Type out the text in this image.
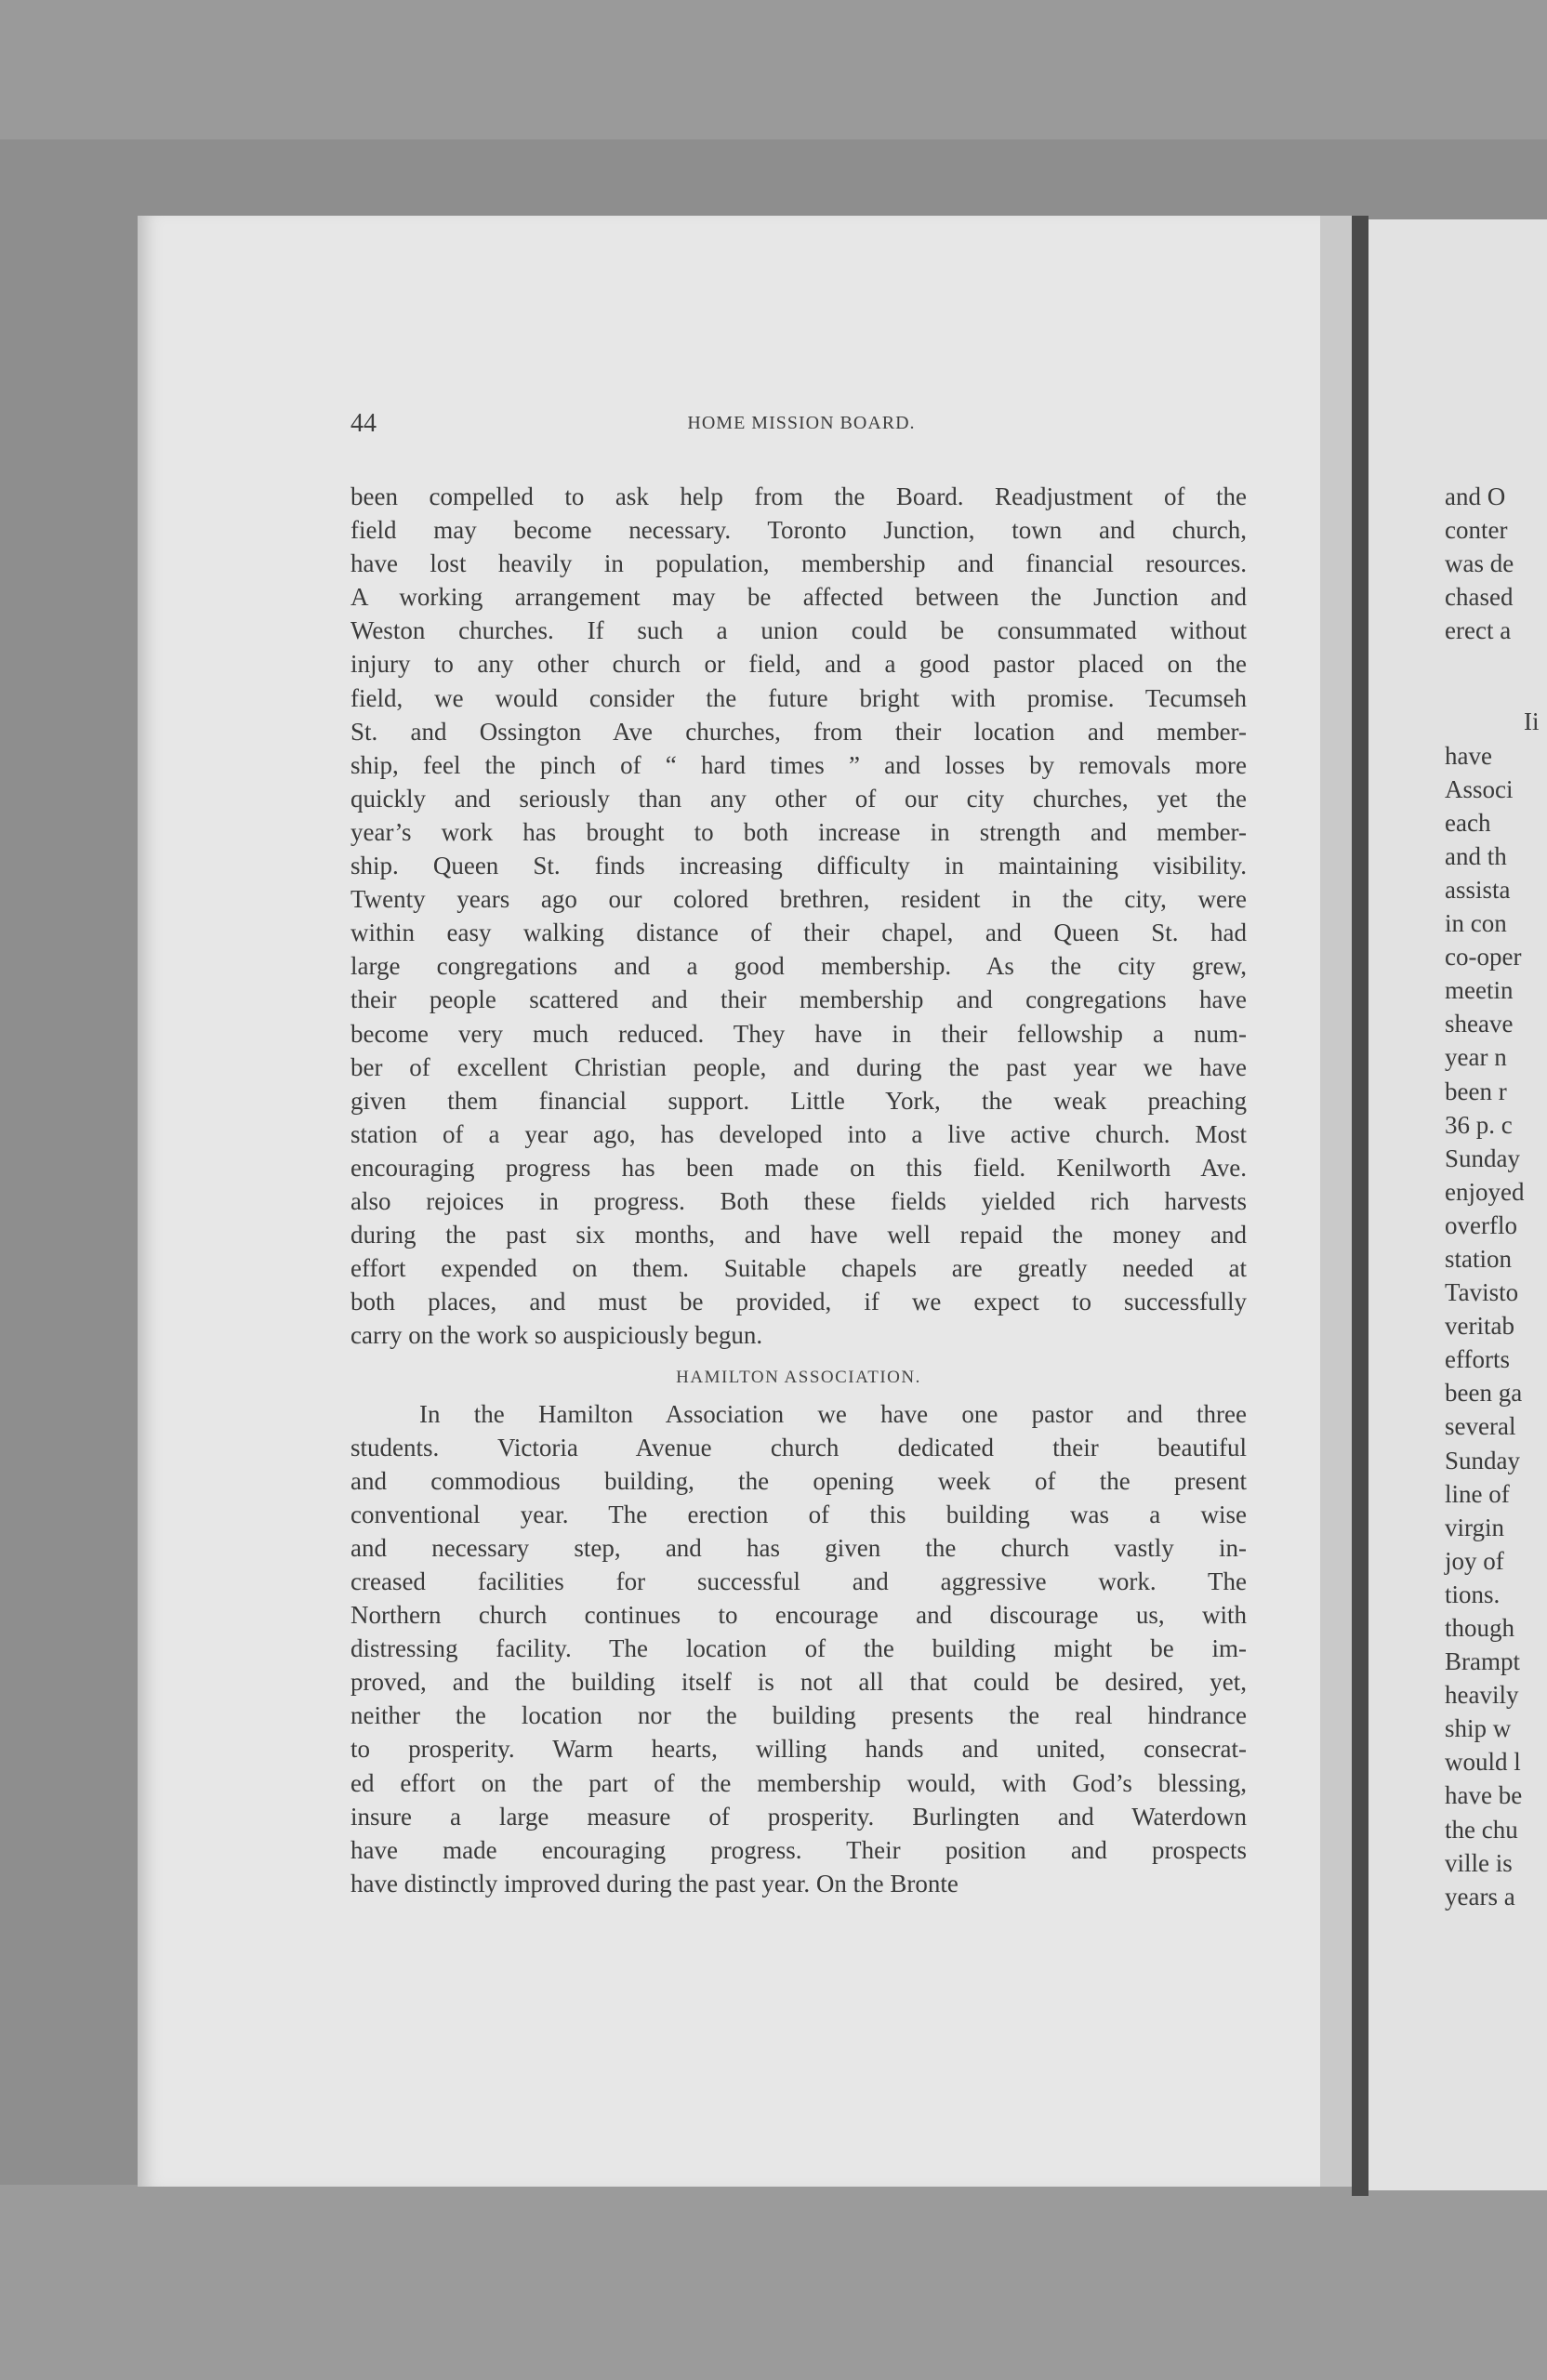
and O
conter
was de
chased
erect a
Ii
have
Associ
each
and th
assista
in con
co-oper
meetin
sheave
year n
been r
36 p. c
Sunday
enjoyed
overflo
station
Tavisto
veritab
efforts
been ga
several
Sunday
line of
virgin
joy of
tions.
though
Brampt
heavily
ship w
would l
have be
the chu
ville is
years a
44	HOME MISSION BOARD.

been compelled to ask help from the Board. Readjustment of the

field may become necessary. Toronto Junction, town and church,

have lost heavily in population, membership and financial resources.

A working arrangement may be affected between the Junction and

Weston churches. If such a union could be consummated without

injury to any other church or field, and a good pastor placed on the

field, we would consider the future bright with promise. Tecumseh

St. and Ossington Ave churches, from their location and member-

ship, feel the pinch of “ hard times ” and losses by removals more

quickly and seriously than any other of our city churches, yet the

year’s work has brought to both increase in strength and member-

ship. Queen St. finds increasing difficulty in maintaining visibility.

Twenty years ago our colored brethren, resident in the city, were

within easy walking distance of their chapel, and Queen St. had

large congregations and a good membership. As the city grew,

their people scattered and their membership and congregations have

become very much reduced. They have in their fellowship a num-

ber of excellent Christian people, and during the past year we have

given them financial support. Little York, the weak preaching

station of a year ago, has developed into a live active church. Most

encouraging progress has been made on this field. Kenilworth Ave.

also rejoices in progress. Both these fields yielded rich harvests

during the past six months, and have well repaid the money and

effort expended on them. Suitable chapels are greatly needed at

both places, and must be provided, if we expect to successfully

carry on the work so auspiciously begun.

HAMILTON ASSOCIATION.

In the Hamilton Association we have one pastor and three

students. Victoria Avenue church dedicated their beautiful

and commodious building, the opening week of the present

conventional year. The erection of this building was a wise

and necessary step, and has given the church vastly in-

creased facilities for successful and aggressive work. The

Northern church continues to encourage and discourage us, with

distressing facility. The location of the building might be im-

proved, and the building itself is not all that could be desired, yet,

neither the location nor the building presents the real hindrance

to prosperity. Warm hearts, willing hands and united, consecrat-

ed effort on the part of the membership would, with God’s blessing,

insure a large measure of prosperity. Burlingten and Waterdown

have made encouraging progress. Their position and prospects

have distinctly improved during the past year. On the Bronte
